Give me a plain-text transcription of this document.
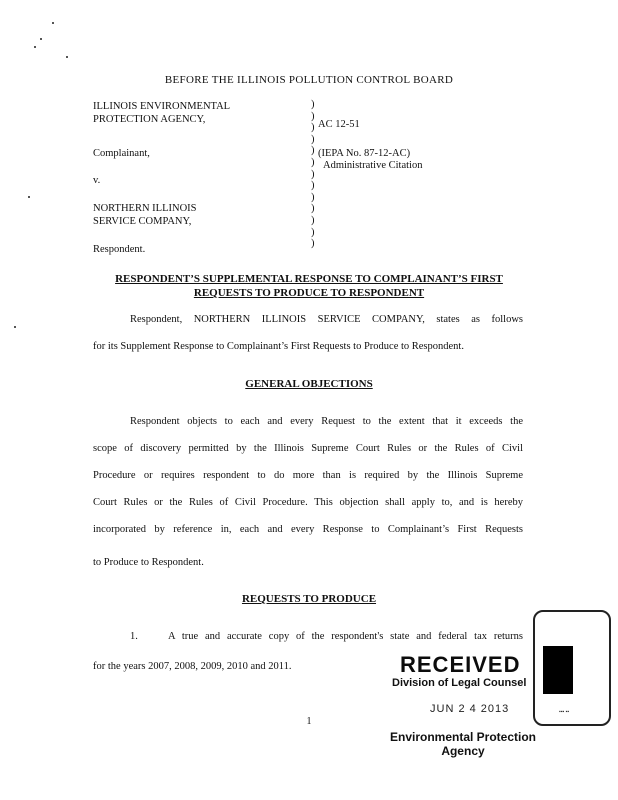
BEFORE THE ILLINOIS POLLUTION CONTROL BOARD
ILLINOIS ENVIRONMENTAL
PROTECTION AGENCY,
Complainant,
v.
NORTHERN ILLINOIS
SERVICE COMPANY,
Respondent.
)
)
)
)
)
)
)
)
)
)
)
)
)
AC 12-51
(IEPA No. 87-12-AC)
Administrative Citation
RESPONDENT’S SUPPLEMENTAL RESPONSE TO COMPLAINANT’S FIRST
REQUESTS TO PRODUCE TO RESPONDENT
Respondent, NORTHERN ILLINOIS SERVICE COMPANY, states as follows
for its Supplement Response to Complainant’s First Requests to Produce to Respondent.
GENERAL OBJECTIONS
Respondent objects to each and every Request to the extent that it exceeds the
scope of discovery permitted by the Illinois Supreme Court Rules or the Rules of Civil
Procedure or requires respondent to do more than is required by the Illinois Supreme
Court Rules or the Rules of Civil Procedure. This objection shall apply to, and is hereby
incorporated by reference in, each and every Response to Complainant’s First Requests
to Produce to Respondent.
REQUESTS TO PRODUCE
1.	A true and accurate copy of the respondent's state and federal tax returns
for the years 2007, 2008, 2009, 2010 and 2011.
1
▪▪▪ ▪▪
RECEIVED
Division of Legal Counsel
JUN 2 4 2013
Environmental Protection Agency
